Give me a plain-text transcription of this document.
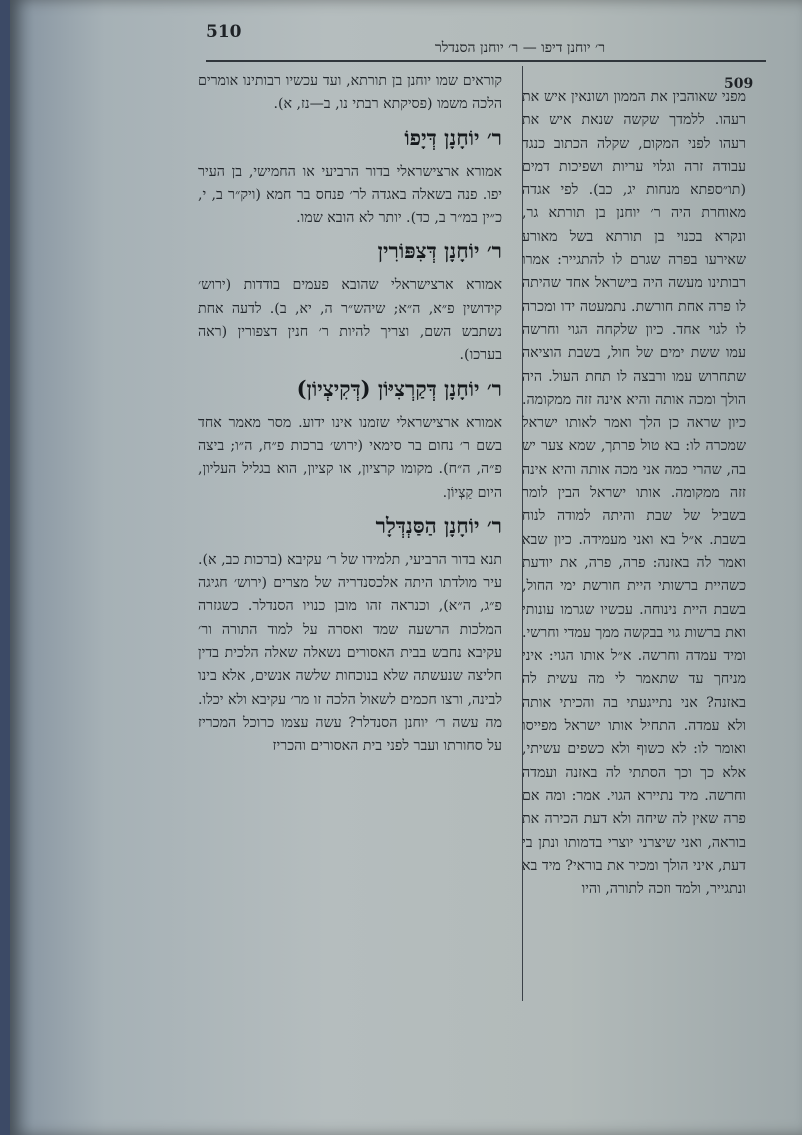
510
ר׳ יוחנן דיפו — ר׳ יוחנן הסנדלר
509

מפני שאוהבין את הממון ושונאין איש את רעהו. ללמדך שקשה שנאת איש את רעהו לפני המקום, שקלה הכתוב כנגד עבודה זרה וגלוי עריות ושפיכות דמים (תו״ספתא מנחות יג, כב). לפי אגדה מאוחרת היה ר׳ יוחנן בן תורתא גר, ונקרא בכנוי בן תורתא בשל מאורע שאירעו בפרה שגרם לו להתגייר: אמרו רבותינו מעשה היה בישראל אחד שהיתה לו פרה אחת חורשת. נתמעטה ידו ומכרה לו לגוי אחד. כיון שלקחה הגוי וחרשה עמו ששת ימים של חול, בשבת הוציאה שתחרוש עמו ורבצה לו תחת העול. היה הולך ומכה אותה והיא אינה זזה ממקומה. כיון שראה כן הלך ואמר לאותו ישראל שמכרה לו: בא טול פרתך, שמא צער יש בה, שהרי כמה אני מכה אותה והיא אינה זזה ממקומה. אותו ישראל הבין לומר בשביל של שבת והיתה למודה לנוח בשבת. א״ל בא ואני מעמידה. כיון שבא ואמר לה באזנה: פרה, פרה, את יודעת כשהיית ברשותי היית חורשת ימי החול, בשבת היית נינוחה. עכשיו שגרמו עונותי ואת ברשות גוי בבקשה ממך עמדי וחרשי. ומיד עמדה וחרשה. א״ל אותו הגוי: איני מניחך עד שתאמר לי מה עשית לה באזנה? אני נתייגעתי בה והכיתי אותה ולא עמדה. התחיל אותו ישראל מפייסו ואומר לו: לא כשוף ולא כשפים עשיתי, אלא כך וכך הסתתי לה באזנה ועמדה וחרשה. מיד נתיירא הגוי. אמר: ומה אם פרה שאין לה שיחה ולא דעת הכירה את בוראה, ואני שיצרני יוצרי בדמותו ונתן בי דעת, איני הולך ומכיר את בוראי? מיד בא ונתגייר, ולמד וזכה לתורה, והיו

קוראים שמו יוחנן בן תורתא, ועד עכשיו רבותינו אומרים הלכה משמו (פסיקתא רבתי נו, ב—נז, א).

ר׳ יוֹחָנָן דְּיָפוֹ

אמורא ארצישראלי בדור הרביעי או החמישי, בן העיר יפו. פנה בשאלה באגדה לר׳ פנחס בר חמא (ויק״ר ב, י, כ״ין במ״ר ב, כד). יותר לא הובא שמו.

ר׳ יוֹחָנָן דְּצִפּוֹרִין

אמורא ארצישראלי שהובא פעמים בודדות (ירוש׳ קידושין פ״א, ה״א; שיהש״ר ה, יא, ב). לדעה אחת נשתבש השם, וצריך להיות ר׳ חנין דצפורין (ראה בערכו).

ר׳ יוֹחָנָן דְּקַרְצִיּוֹן (דְּקִיצְיוֹן)

אמורא ארצישראלי שזמנו אינו ידוע. מסר מאמר אחד בשם ר׳ נחום בר סימאי (ירוש׳ ברכות פ״ח, ה״ו; ביצה פ״ה, ה״ח). מקומו קרציון, או קציון, הוא בגליל העליון, היום קַצְיוֹן.

ר׳ יוֹחָנָן הַסַּנְדְּלָר

תנא בדור הרביעי, תלמידו של ר׳ עקיבא (ברכות כב, א). עיר מולדתו היתה אלכסנדריה של מצרים (ירוש׳ חגיגה פ״ג, ה״א), וכנראה זהו מובן כנויו הסנדלר. כשגזרה המלכות הרשעה שמד ואסרה על למוד התורה ור׳ עקיבא נחבש בבית האסורים נשאלה שאלה הלכית בדין חליצה שנעשתה שלא בנוכחות שלשה אנשים, אלא בינו לבינה, ורצו חכמים לשאול הלכה זו מר׳ עקיבא ולא יכלו. מה עשה ר׳ יוחנן הסנדלר? עשה עצמו כרוכל המכריז על סחורתו ועבר לפני בית האסורים והכריז
